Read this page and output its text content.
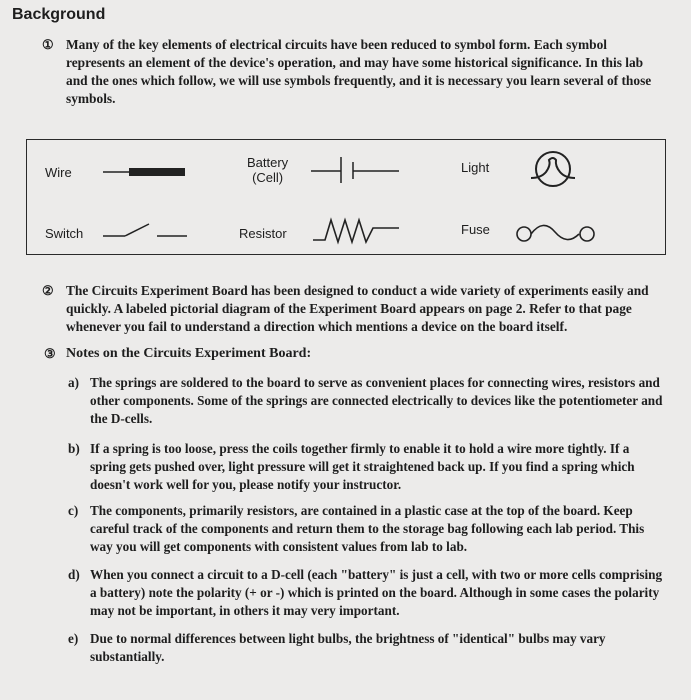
Background
① Many of the key elements of electrical circuits have been reduced to symbol form. Each symbol represents an element of the device's operation, and may have some historical significance. In this lab and the ones which follow, we will use symbols frequently, and it is necessary you learn several of those symbols.
Wire
Battery
(Cell)
Light
Switch	Resistor	Fuse
② The Circuits Experiment Board has been designed to conduct a wide variety of experiments easily and quickly. A labeled pictorial diagram of the Experiment Board appears on page 2. Refer to that page whenever you fail to understand a direction which mentions a device on the board itself.
③ Notes on the Circuits Experiment Board:
a) The springs are soldered to the board to serve as convenient places for connecting wires, resistors and other components. Some of the springs are connected electrically to devices like the potentiometer and the D-cells.
b) If a spring is too loose, press the coils together firmly to enable it to hold a wire more tightly. If a spring gets pushed over, light pressure will get it straightened back up. If you find a spring which doesn't work well for you, please notify your instructor.
c) The components, primarily resistors, are contained in a plastic case at the top of the board. Keep careful track of the components and return them to the storage bag following each lab period. This way you will get components with consistent values from lab to lab.
d) When you connect a circuit to a D-cell (each "battery" is just a cell, with two or more cells comprising a battery) note the polarity (+ or -) which is printed on the board. Although in some cases the polarity may not be important, in others it may very important.
e) Due to normal differences between light bulbs, the brightness of "identical" bulbs may vary substantially.
